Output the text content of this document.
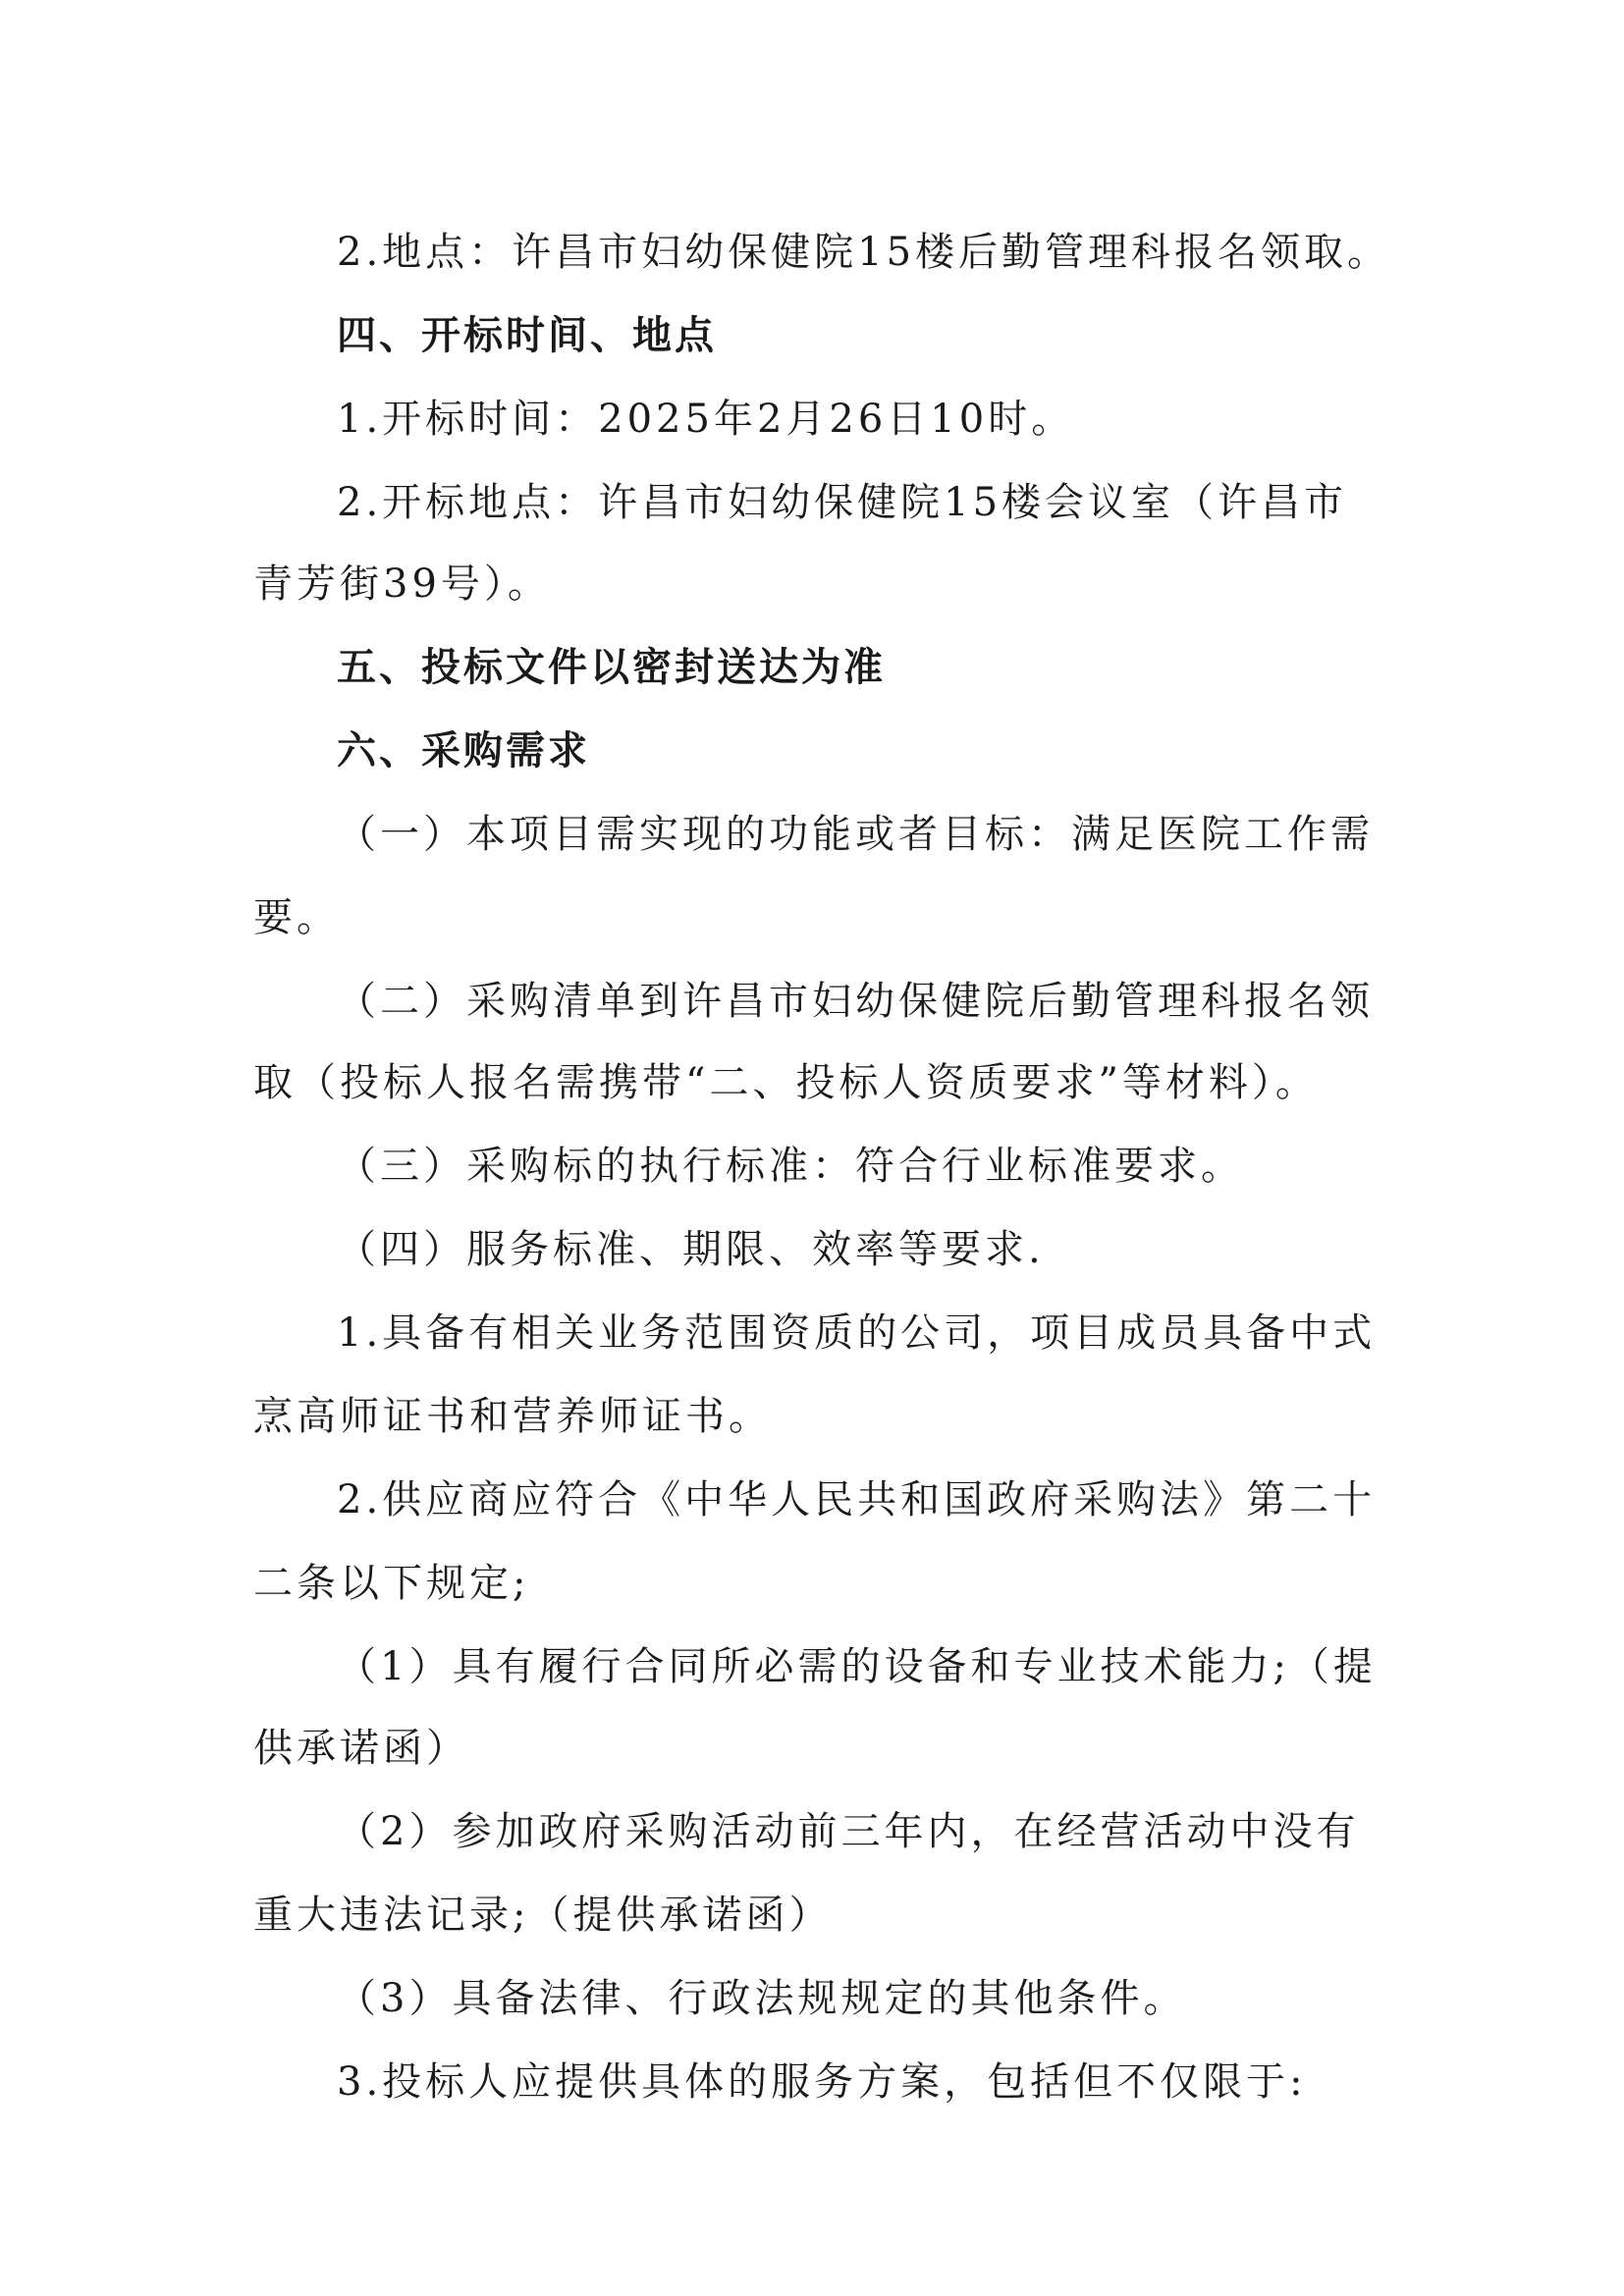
2.地点：许昌市妇幼保健院15楼后勤管理科报名领取。
四、开标时间、地点
1.开标时间：2025年2月26日10时。
2.开标地点：许昌市妇幼保健院15楼会议室（许昌市
青芳街39号）。
五、投标文件以密封送达为准
六、采购需求
（一）本项目需实现的功能或者目标：满足医院工作需
要。
（二）采购清单到许昌市妇幼保健院后勤管理科报名领
取（投标人报名需携带“二、投标人资质要求”等材料）。
（三）采购标的执行标准：符合行业标准要求。
（四）服务标准、期限、效率等要求.
1.具备有相关业务范围资质的公司，项目成员具备中式
烹高师证书和营养师证书。
2.供应商应符合《中华人民共和国政府采购法》第二十
二条以下规定;
（1）具有履行合同所必需的设备和专业技术能力;（提
供承诺函）
（2）参加政府采购活动前三年内，在经营活动中没有
重大违法记录;（提供承诺函）
（3）具备法律、行政法规规定的其他条件。
3.投标人应提供具体的服务方案，包括但不仅限于:
